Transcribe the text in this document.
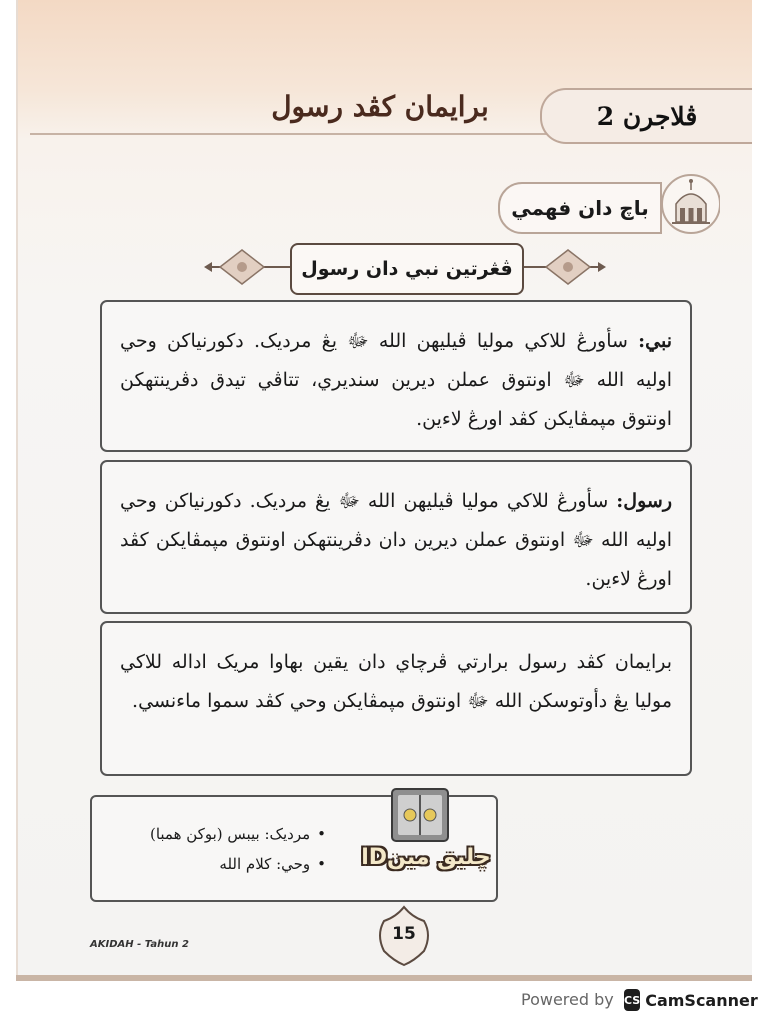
برايمان كڤد رسول	ڤلاجرن 2
باچ دان فهمي
ڤڠرتين نبي دان رسول
نبي: سأورڠ للاكي موليا ڤيليهن الله ﷻ يڠ مرديک. دكورنياكن وحي اوليه الله ﷻ اونتوق عملن ديرين سنديري، تتاڤي تيدق دڤرينتهكن اونتوق مپمڤايكن كڤد اورڠ لاءين.
رسول: سأورڠ للاكي موليا ڤيليهن الله ﷻ يڠ مرديک. دكورنياكن وحي اوليه الله ﷻ اونتوق عملن ديرين دان دڤرينتهكن اونتوق مپمڤايكن كڤد اورڠ لاءين.
برايمان كڤد رسول برارتي ڤرچاي دان يقين بهاوا مريک اداله للاكي موليا يڠ دأوتوسكن الله ﷻ اونتوق مپمڤايكن وحي كڤد سموا ماءنسي.
• مرديک: بيبس (بوكن همبا)
• وحي: كلام الله	چليق مينDا
AKIDAH - Tahun 2
15
Powered by CS CamScanner
